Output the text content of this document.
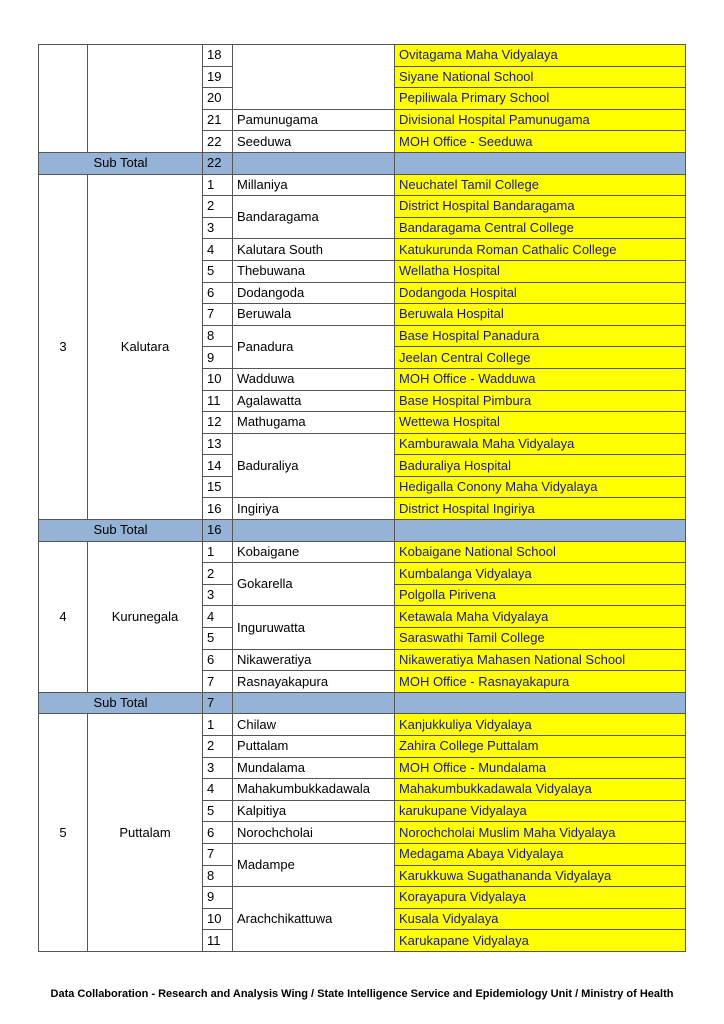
		18		Ovitagama Maha Vidyalaya
		19		Siyane National School
		20		Pepiliwala Primary School
		21	Pamunugama	Divisional Hospital Pamunugama
		22	Seeduwa	MOH Office - Seeduwa
Sub Total		22		
3	Kalutara	1	Millaniya	Neuchatel Tamil College
		2	Bandaragama	District Hospital Bandaragama
		3		Bandaragama Central College
		4	Kalutara South	Katukurunda Roman Cathalic College
		5	Thebuwana	Wellatha Hospital
		6	Dodangoda	Dodangoda Hospital
		7	Beruwala	Beruwala Hospital
		8	Panadura	Base Hospital Panadura
		9		Jeelan Central College
		10	Wadduwa	MOH Office - Wadduwa
		11	Agalawatta	Base Hospital Pimbura
		12	Mathugama	Wettewa Hospital
		13	Baduraliya	Kamburawala Maha Vidyalaya
		14		Baduraliya Hospital
		15		Hedigalla Conony Maha Vidyalaya
		16	Ingiriya	District Hospital Ingiriya
Sub Total		16		
4	Kurunegala	1	Kobaigane	Kobaigane National School
		2	Gokarella	Kumbalanga Vidyalaya
		3		Polgolla Pirivena
		4	Inguruwatta	Ketawala Maha Vidyalaya
		5		Saraswathi Tamil College
		6	Nikaweratiya	Nikaweratiya Mahasen National School
		7	Rasnayakapura	MOH Office - Rasnayakapura
Sub Total		7		
5	Puttalam	1	Chilaw	Kanjukkuliya Vidyalaya
		2	Puttalam	Zahira College Puttalam
		3	Mundalama	MOH Office - Mundalama
		4	Mahakumbukkadawala	Mahakumbukkadawala Vidyalaya
		5	Kalpitiya	karukupane Vidyalaya
		6	Norochcholai	Norochcholai Muslim Maha Vidyalaya
		7	Madampe	Medagama Abaya Vidyalaya
		8		Karukkuwa Sugathananda Vidyalaya
		9	Arachchikattuwa	Korayapura Vidyalaya
		10		Kusala Vidyalaya
		11		Karukapane Vidyalaya
Data Collaboration - Research and Analysis Wing / State Intelligence Service and Epidemiology Unit / Ministry of Health
